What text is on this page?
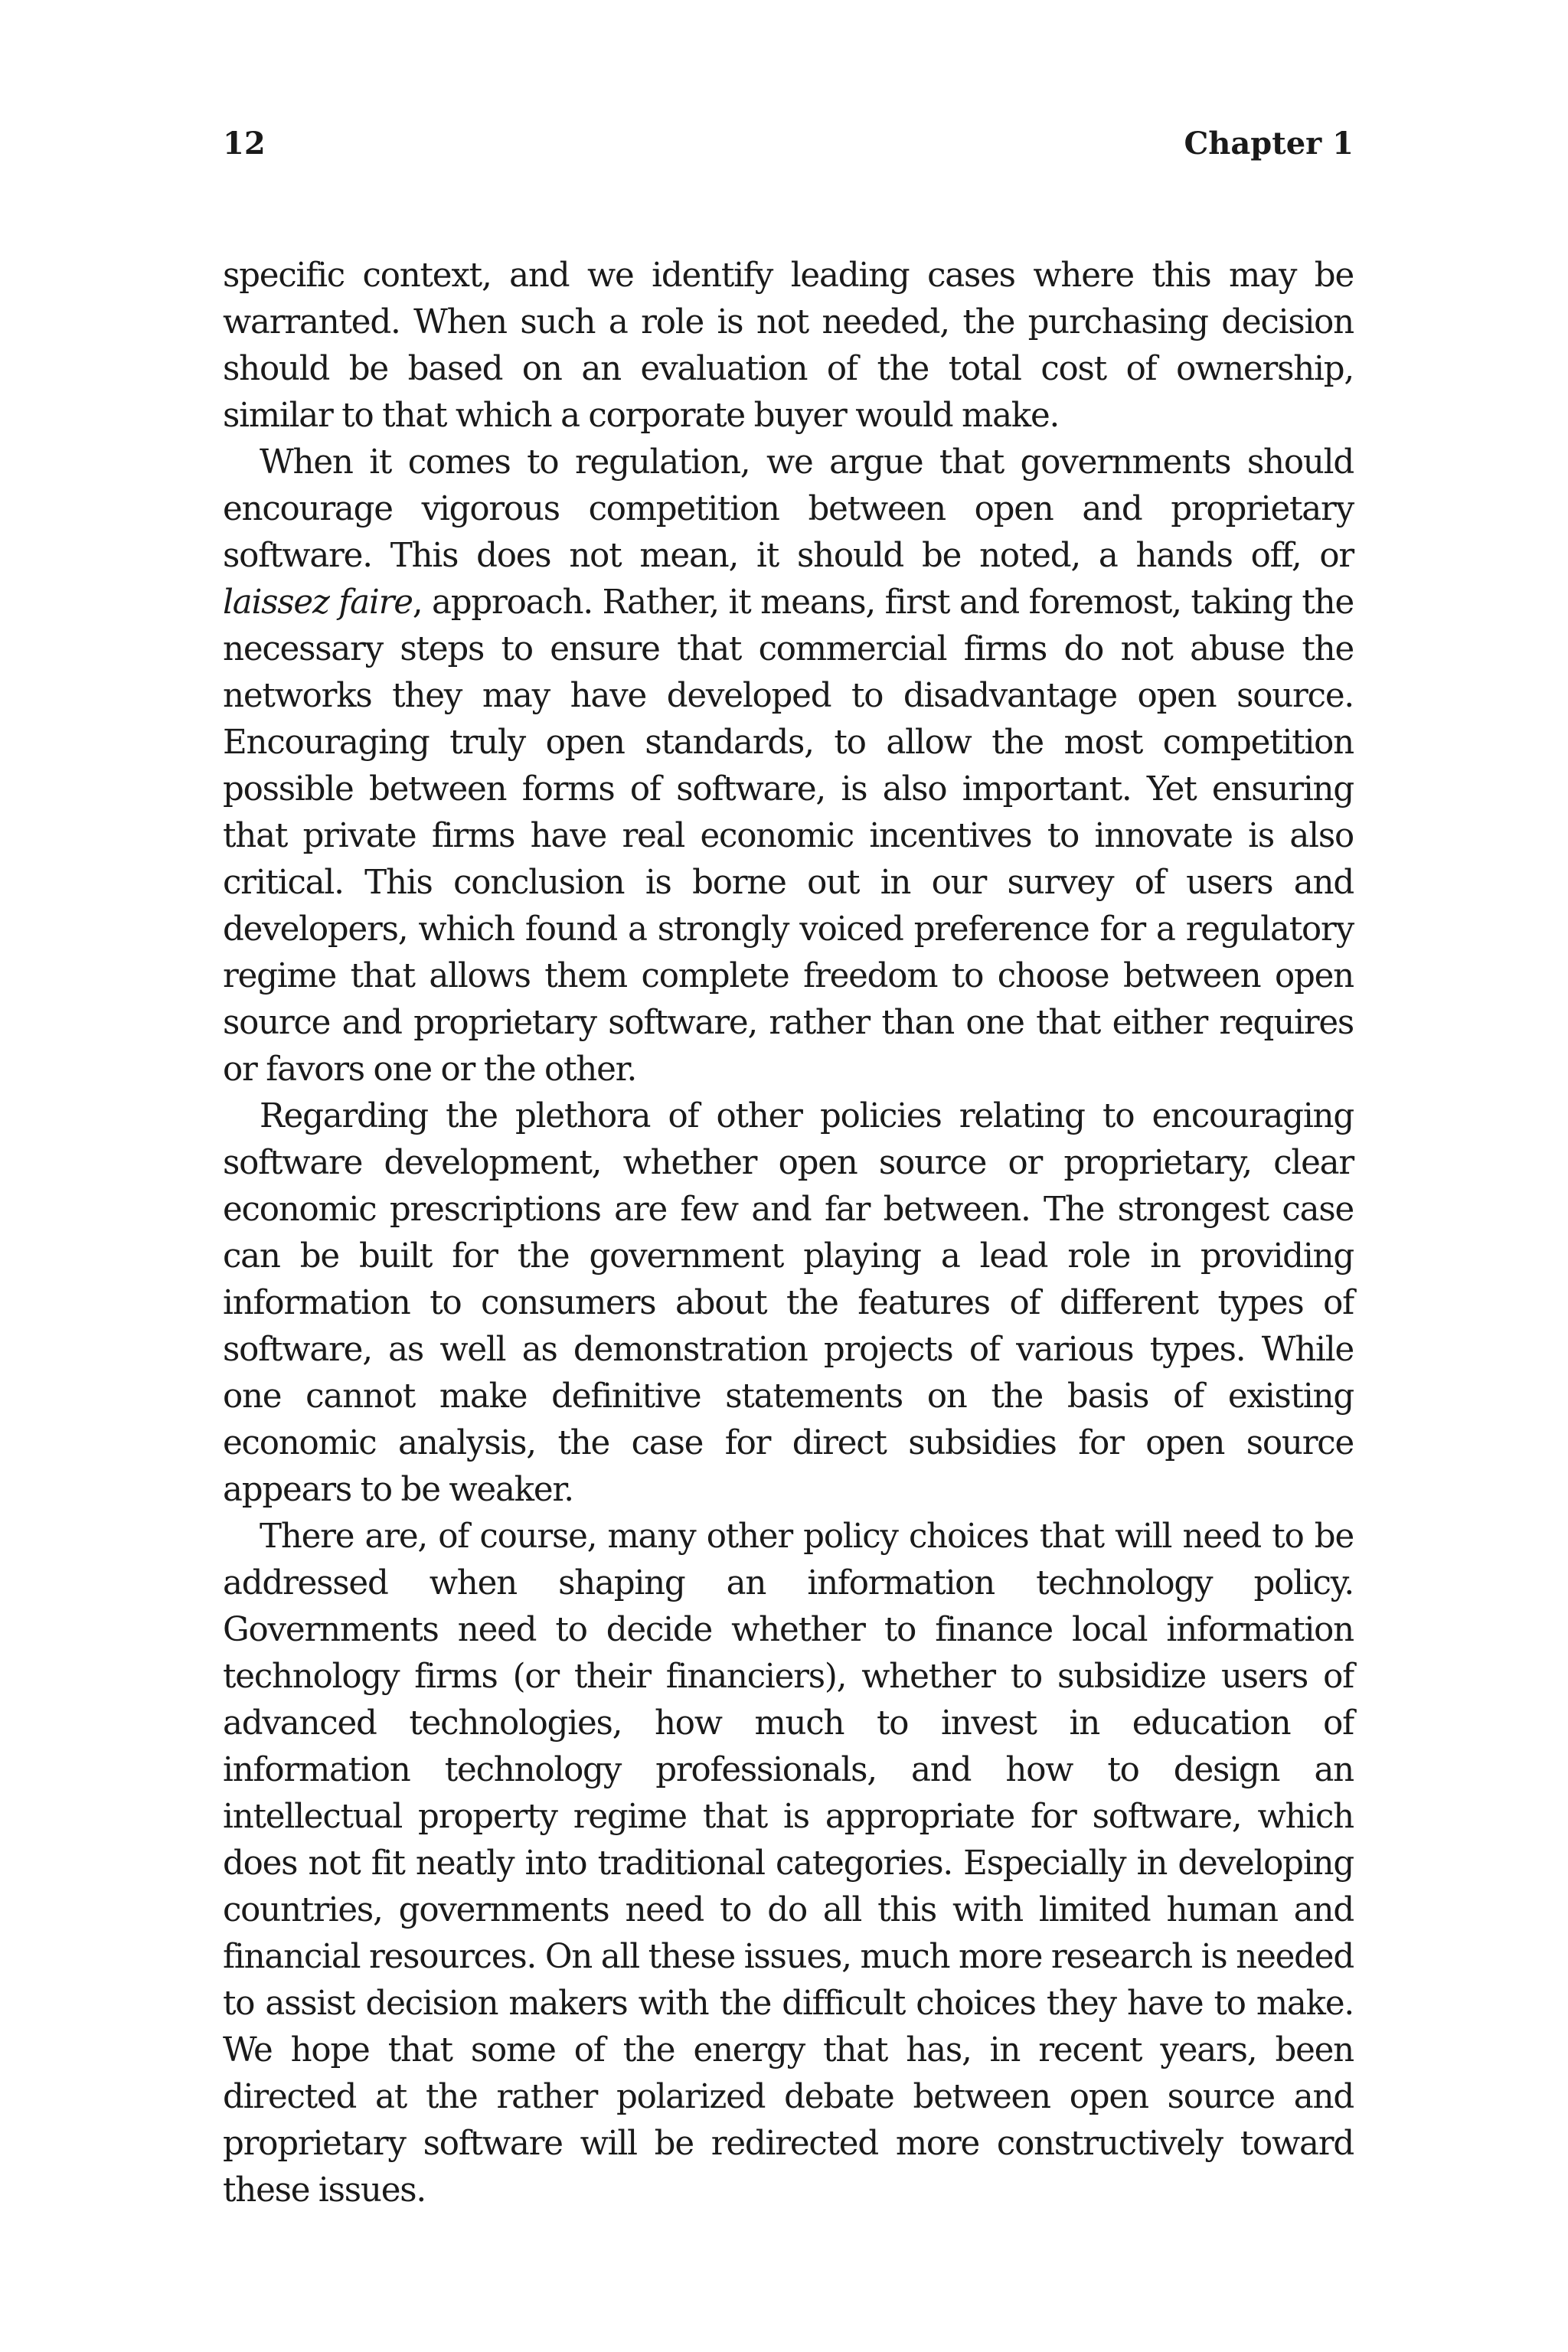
12	Chapter 1

specific context, and we identify leading cases where this may be warranted. When such a role is not needed, the purchasing decision should be based on an evaluation of the total cost of ownership, similar to that which a corporate buyer would make.

When it comes to regulation, we argue that governments should encourage vigorous competition between open and proprietary software. This does not mean, it should be noted, a hands off, or laissez faire, approach. Rather, it means, first and foremost, taking the necessary steps to ensure that commercial firms do not abuse the networks they may have developed to disadvantage open source. Encouraging truly open standards, to allow the most competition possible between forms of software, is also important. Yet ensuring that private firms have real economic incentives to innovate is also critical. This conclusion is borne out in our survey of users and developers, which found a strongly voiced preference for a regulatory regime that allows them complete freedom to choose between open source and proprietary software, rather than one that either requires or favors one or the other.

Regarding the plethora of other policies relating to encouraging software development, whether open source or proprietary, clear economic prescriptions are few and far between. The strongest case can be built for the government playing a lead role in providing information to consumers about the features of different types of software, as well as demonstration projects of various types. While one cannot make definitive statements on the basis of existing economic analysis, the case for direct subsidies for open source appears to be weaker.

There are, of course, many other policy choices that will need to be addressed when shaping an information technology policy. Governments need to decide whether to finance local information technology firms (or their financiers), whether to subsidize users of advanced technologies, how much to invest in education of information technology professionals, and how to design an intellectual property regime that is appropriate for software, which does not fit neatly into traditional categories. Especially in developing countries, governments need to do all this with limited human and financial resources. On all these issues, much more research is needed to assist decision makers with the difficult choices they have to make. We hope that some of the energy that has, in recent years, been directed at the rather polarized debate between open source and proprietary software will be redirected more constructively toward these issues.
